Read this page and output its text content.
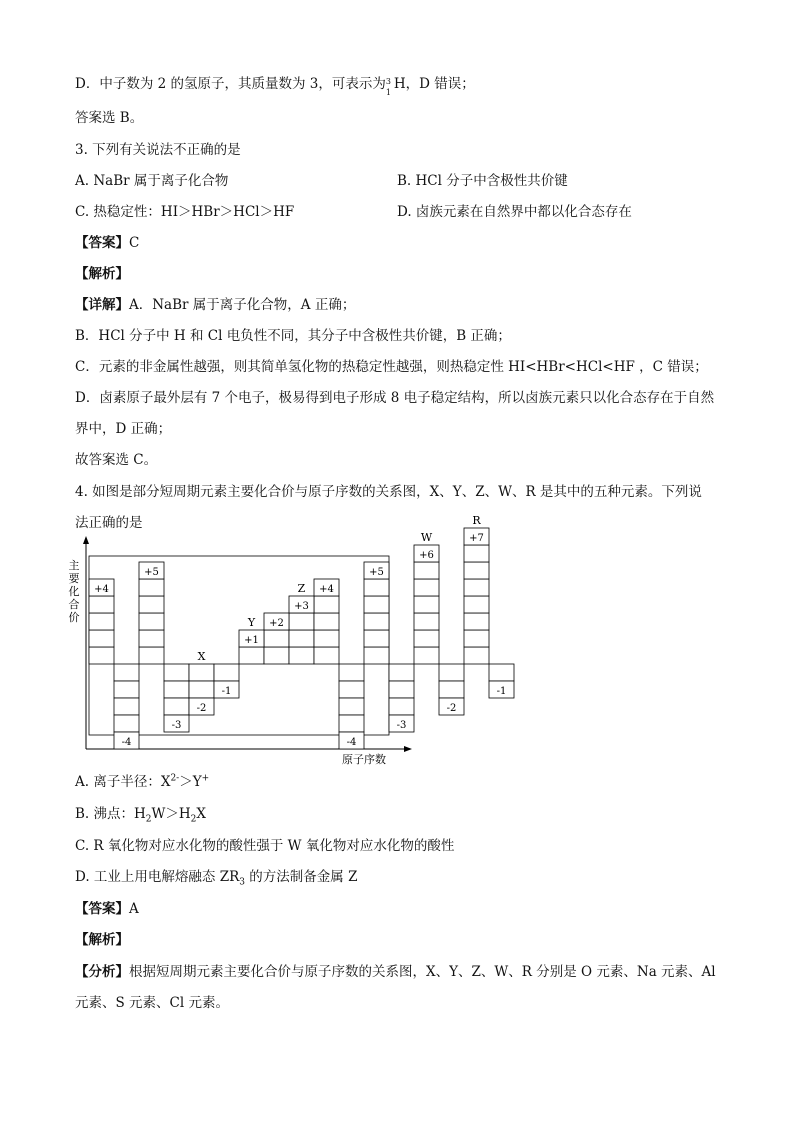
D．中子数为 2 的氢原子，其质量数为 3，可表示为 3
1
H，D 错误；
答案选 B。
3. 下列有关说法不正确的是
A. NaBr 属于离子化合物	B. HCl 分子中含极性共价键
C. 热稳定性：HI＞HBr＞HCl＞HF	D. 卤族元素在自然界中都以化合态存在
【答案】C
【解析】
【详解】A．NaBr 属于离子化合物，A 正确；
B．HCl 分子中 H 和 Cl 电负性不同，其分子中含极性共价键，B 正确；
C．元素的非金属性越强，则其简单氢化物的热稳定性越强，则热稳定性 HI<HBr<HCl<HF ，C 错误；
D．卤素原子最外层有 7 个电子，极易得到电子形成 8 电子稳定结构，所以卤族元素只以化合态存在于自然
界中，D 正确；
故答案选 C。
4. 如图是部分短周期元素主要化合价与原子序数的关系图，X、Y、Z、W、R 是其中的五种元素。下列说
法正确的是
主
要
化
合
价
原子序数
+4
-4
+5
-3
-2
X
-1
+1
Y +2
+3
Z +4
-4
+5
-3
+6
W
-2
+7
R
-1
A. 离子半径：$X^{2-}>Y^+$
B. 沸点：$H_2W>H_2X$
C. R 氧化物对应水化物的酸性强于 W 氧化物对应水化物的酸性
D. 工业上用电解熔融态 $ZR_3$ 的方法制备金属 Z
【答案】A
【解析】
【分析】根据短周期元素主要化合价与原子序数的关系图，X、Y、Z、W、R 分别是 O 元素、Na 元素、Al
元素、S 元素、Cl 元素。
